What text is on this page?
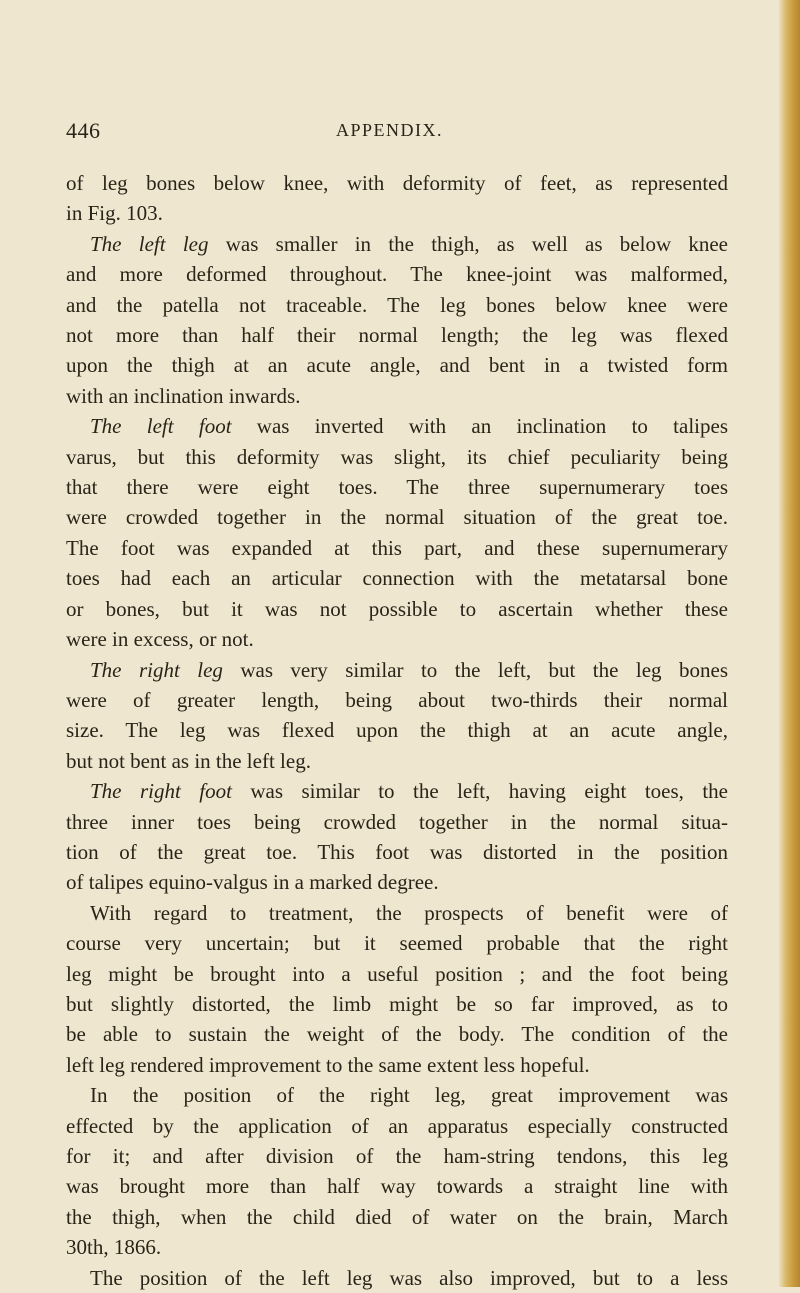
446	APPENDIX.
of leg bones below knee, with deformity of feet, as represented
in Fig. 103.
The left leg was smaller in the thigh, as well as below knee
and more deformed throughout. The knee-joint was malformed,
and the patella not traceable. The leg bones below knee were
not more than half their normal length; the leg was flexed
upon the thigh at an acute angle, and bent in a twisted form
with an inclination inwards.
The left foot was inverted with an inclination to talipes
varus, but this deformity was slight, its chief peculiarity being
that there were eight toes. The three supernumerary toes
were crowded together in the normal situation of the great toe.
The foot was expanded at this part, and these supernumerary
toes had each an articular connection with the metatarsal bone
or bones, but it was not possible to ascertain whether these
were in excess, or not.
The right leg was very similar to the left, but the leg bones
were of greater length, being about two-thirds their normal
size. The leg was flexed upon the thigh at an acute angle,
but not bent as in the left leg.
The right foot was similar to the left, having eight toes, the
three inner toes being crowded together in the normal situa-
tion of the great toe. This foot was distorted in the position
of talipes equino-valgus in a marked degree.
With regard to treatment, the prospects of benefit were of
course very uncertain; but it seemed probable that the right
leg might be brought into a useful position ; and the foot being
but slightly distorted, the limb might be so far improved, as to
be able to sustain the weight of the body. The condition of the
left leg rendered improvement to the same extent less hopeful.
In the position of the right leg, great improvement was
effected by the application of an apparatus especially constructed
for it; and after division of the ham-string tendons, this leg
was brought more than half way towards a straight line with
the thigh, when the child died of water on the brain, March
30th, 1866.
The position of the left leg was also improved, but to a less
